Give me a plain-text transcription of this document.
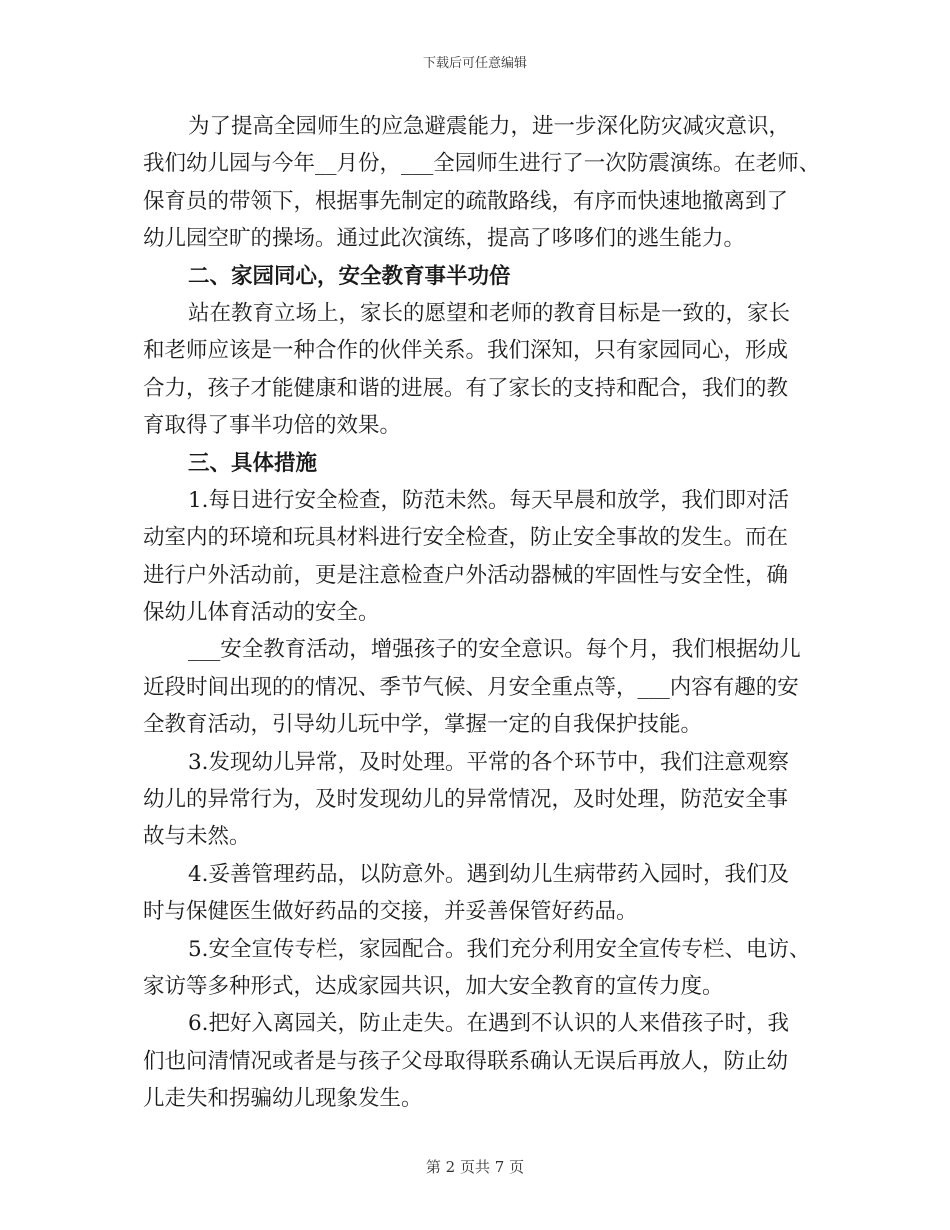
下载后可任意编辑
为了提高全园师生的应急避震能力，进一步深化防灾减灾意识，
我们幼儿园与今年__月份，___全园师生进行了一次防震演练。在老师、
保育员的带领下，根据事先制定的疏散路线，有序而快速地撤离到了
幼儿园空旷的操场。通过此次演练，提高了哆哆们的逃生能力。
二、家园同心，安全教育事半功倍
站在教育立场上，家长的愿望和老师的教育目标是一致的，家长
和老师应该是一种合作的伙伴关系。我们深知，只有家园同心，形成
合力，孩子才能健康和谐的进展。有了家长的支持和配合，我们的教
育取得了事半功倍的效果。
三、具体措施
1.每日进行安全检查，防范未然。每天早晨和放学，我们即对活
动室内的环境和玩具材料进行安全检查，防止安全事故的发生。而在
进行户外活动前，更是注意检查户外活动器械的牢固性与安全性，确
保幼儿体育活动的安全。
___安全教育活动，增强孩子的安全意识。每个月，我们根据幼儿
近段时间出现的的情况、季节气候、月安全重点等，___内容有趣的安
全教育活动，引导幼儿玩中学，掌握一定的自我保护技能。
3.发现幼儿异常，及时处理。平常的各个环节中，我们注意观察
幼儿的异常行为，及时发现幼儿的异常情况，及时处理，防范安全事
故与未然。
4.妥善管理药品，以防意外。遇到幼儿生病带药入园时，我们及
时与保健医生做好药品的交接，并妥善保管好药品。
5.安全宣传专栏，家园配合。我们充分利用安全宣传专栏、电访、
家访等多种形式，达成家园共识，加大安全教育的宣传力度。
6.把好入离园关，防止走失。在遇到不认识的人来借孩子时，我
们也问清情况或者是与孩子父母取得联系确认无误后再放人，防止幼
儿走失和拐骗幼儿现象发生。
第 2 页共 7 页
